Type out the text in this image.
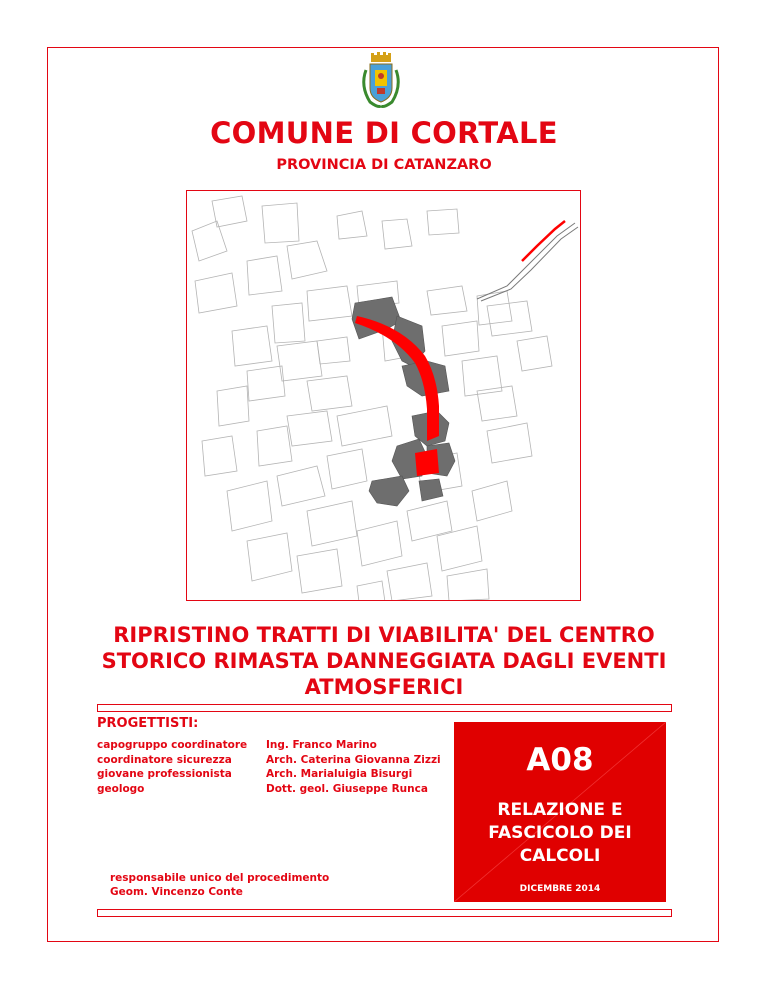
COMUNE DI CORTALE
PROVINCIA DI CATANZARO
RIPRISTINO TRATTI DI VIABILITA' DEL CENTRO
STORICO RIMASTA DANNEGGIATA DAGLI EVENTI
ATMOSFERICI
PROGETTISTI:
capogruppo coordinatore
coordinatore sicurezza
giovane professionista
geologo
Ing. Franco Marino
Arch. Caterina Giovanna Zizzi
Arch. Marialuigia Bisurgi
Dott. geol. Giuseppe Runca
responsabile unico del procedimento
Geom. Vincenzo Conte
A08
RELAZIONE E
FASCICOLO DEI
CALCOLI
DICEMBRE 2014
